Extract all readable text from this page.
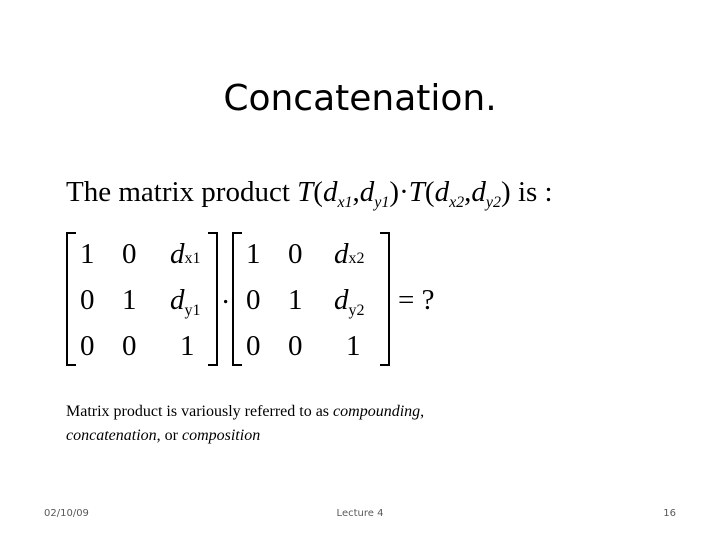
Concatenation.
The matrix product $T(d_{x1},d_{y1})\cdot T(d_{x2},d_{y2})$ is :
1 0 dx1
0 1 $d_{y1}$
0 0 1
.
1 0 dx2
0 1 $d_{y2}$
0 0 1
= ?
Matrix product is variously referred to as compounding,
concatenation, or composition
02/10/09	Lecture 4	16
